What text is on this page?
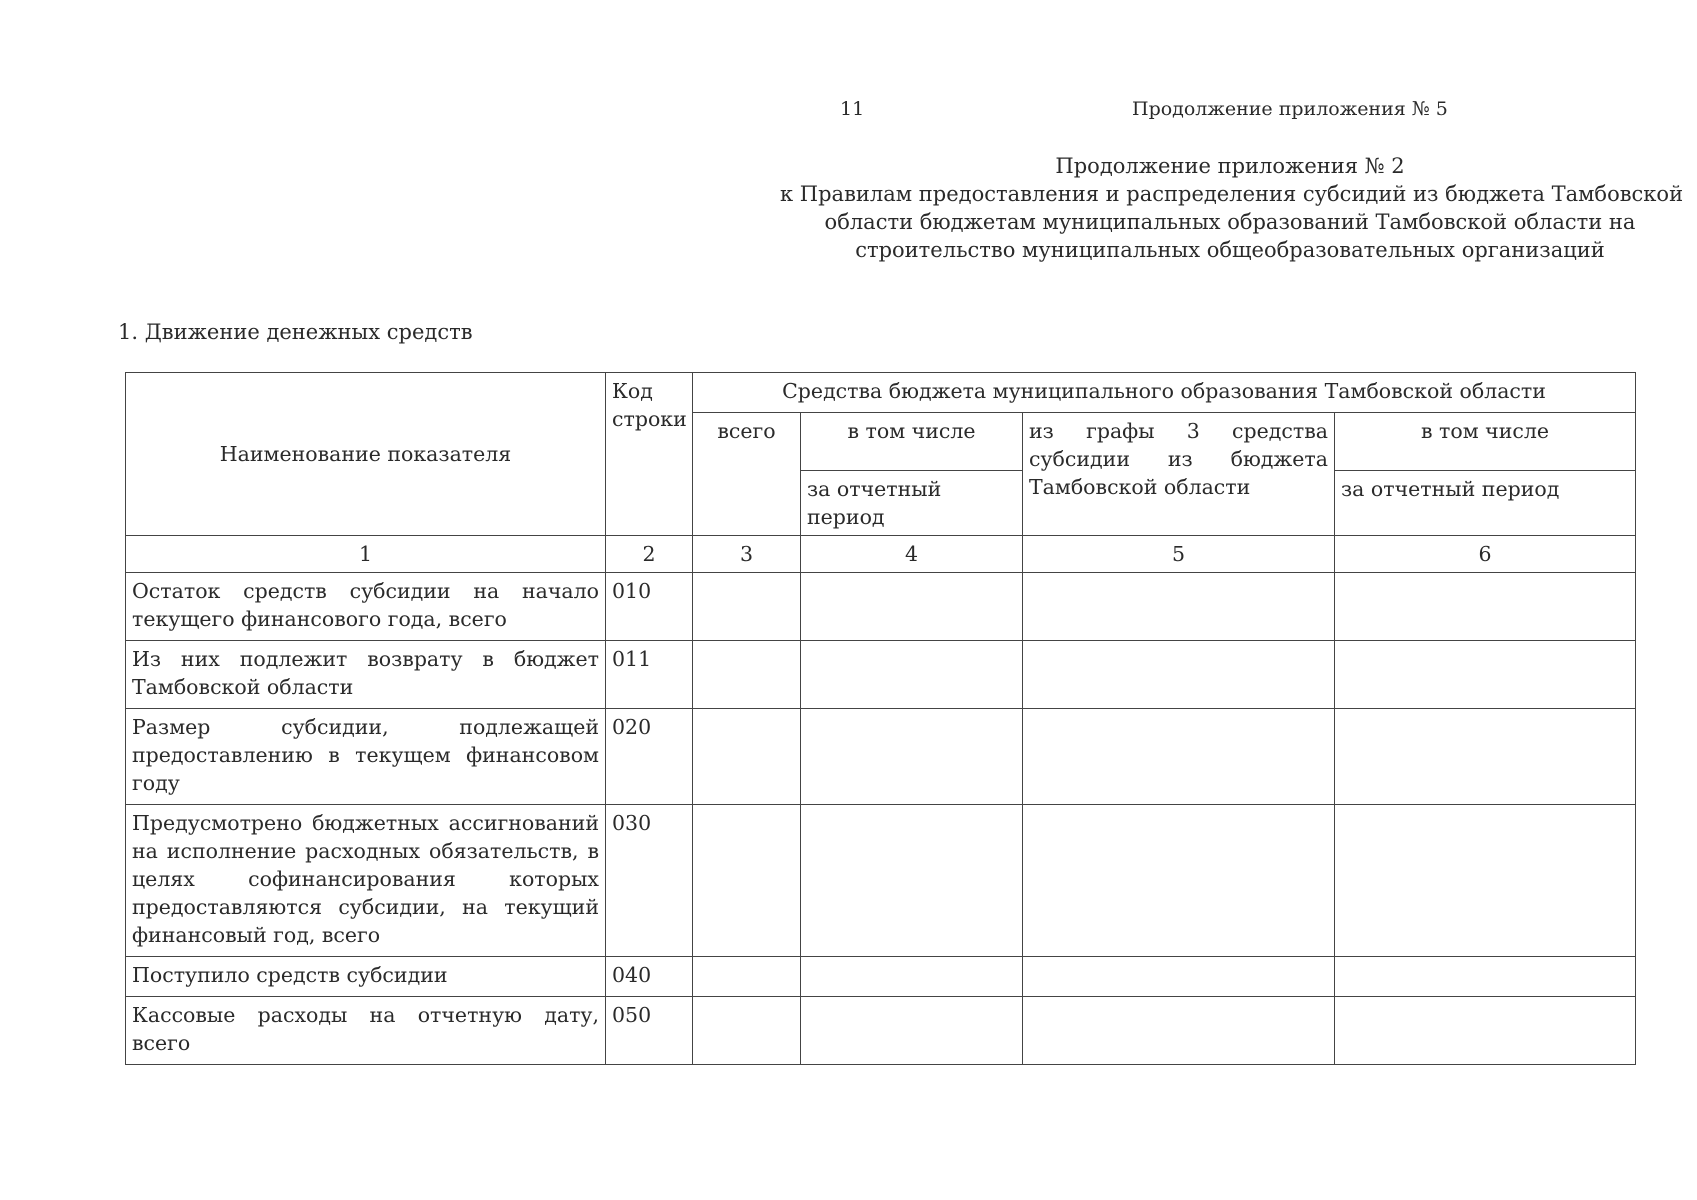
11	Продолжение приложения № 5
Продолжение приложения № 2
к Правилам предоставления и распределения субсидий из бюджета Тамбовской
области бюджетам муниципальных образований Тамбовской области на
строительство муниципальных общеобразовательных организаций
1. Движение денежных средств
Наименование показателя	Код строки	Средства бюджета муниципального образования Тамбовской области			
		всего	в том числе	из графы 3 средства субсидии из бюджета Тамбовской области	в том числе
			за отчетный период		за отчетный период
1	2	3	4	5	6
Остаток средств субсидии на начало текущего финансового года, всего	010				
Из них подлежит возврату в бюджет Тамбовской области	011				
Размер субсидии, подлежащей предоставлению в текущем финансовом году	020				
Предусмотрено бюджетных ассигнований на исполнение расходных обязательств, в целях софинансирования которых предоставляются субсидии, на текущий финансовый год, всего	030				
Поступило средств субсидии	040				
Кассовые расходы на отчетную дату, всего	050				
